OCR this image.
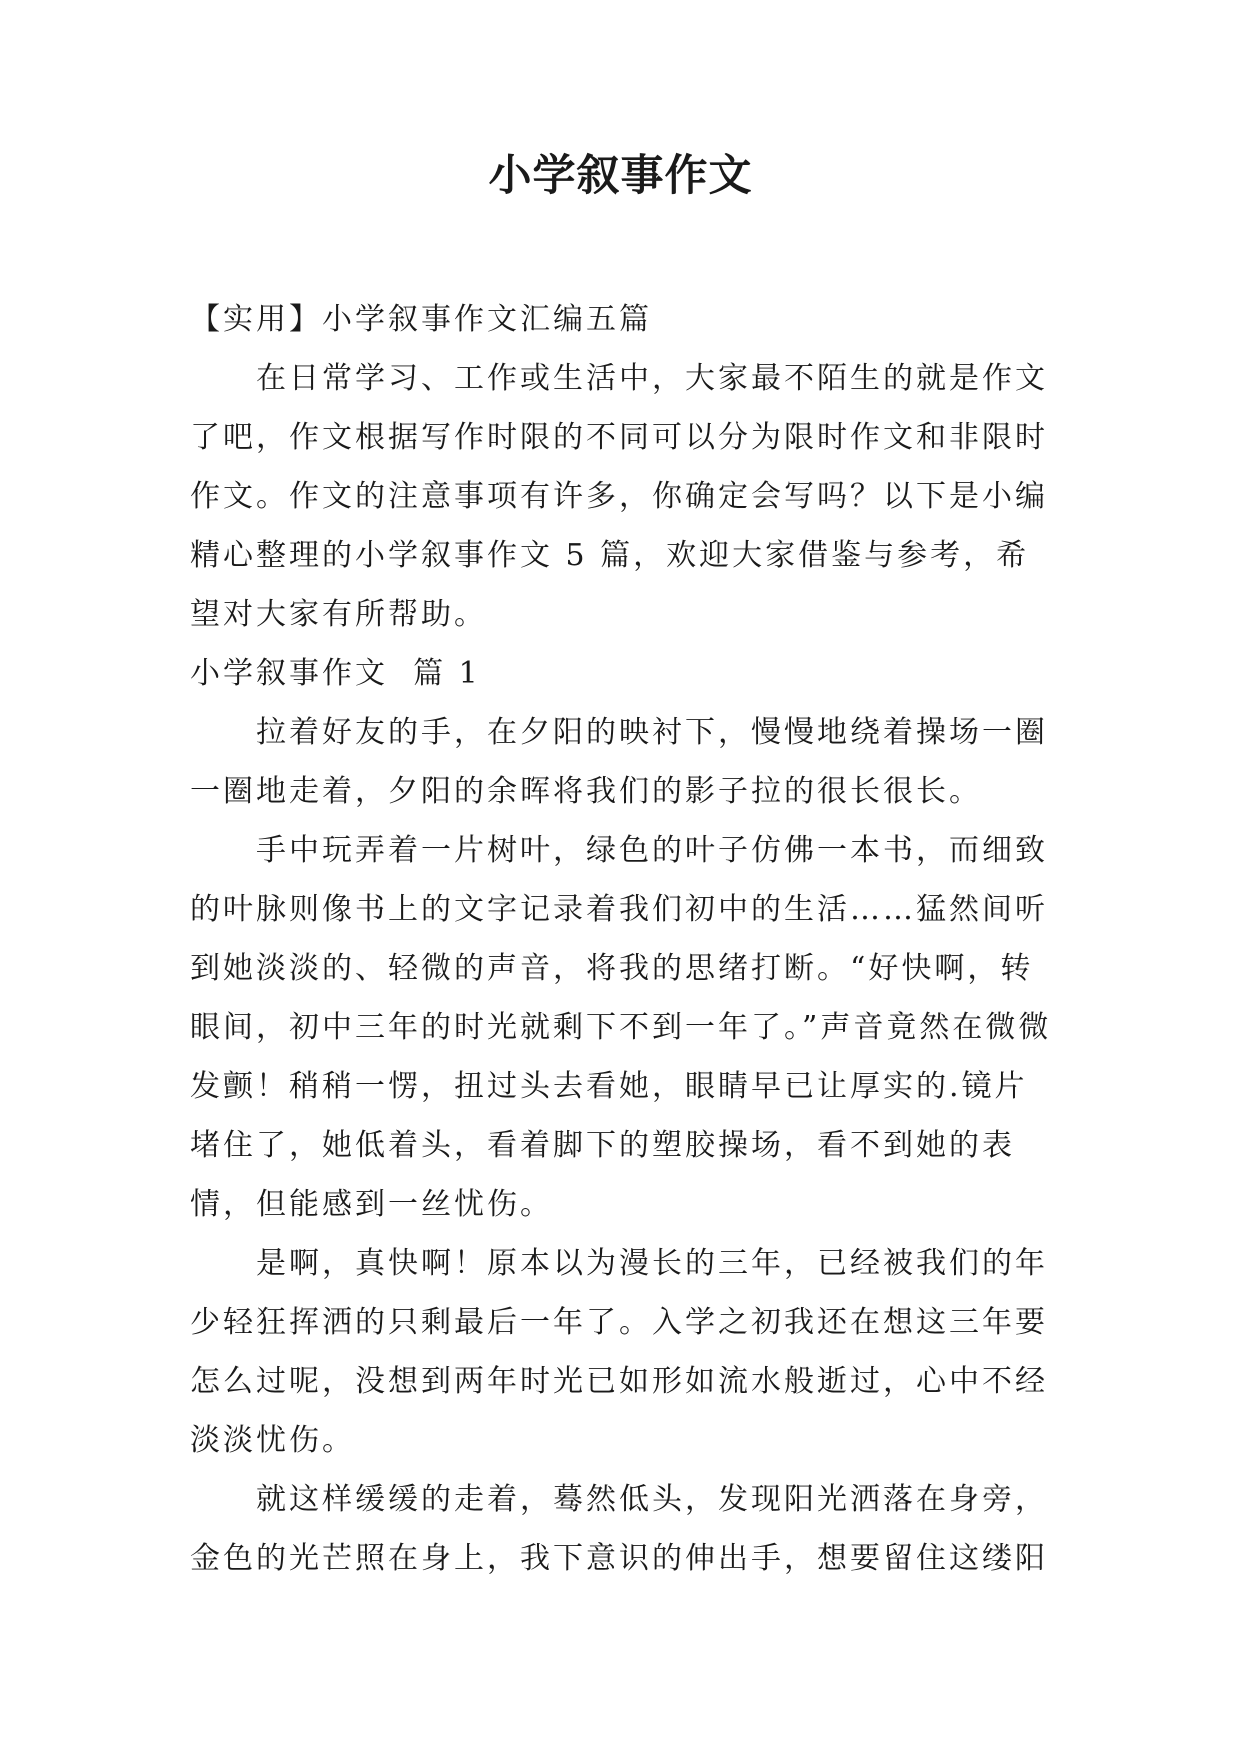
小学叙事作文

【实用】小学叙事作文汇编五篇

在日常学习、工作或生活中，大家最不陌生的就是作文了吧，作文根据写作时限的不同可以分为限时作文和非限时作文。作文的注意事项有许多，你确定会写吗？以下是小编精心整理的小学叙事作文 5 篇，欢迎大家借鉴与参考，希望对大家有所帮助。

小学叙事作文  篇 1

拉着好友的手，在夕阳的映衬下，慢慢地绕着操场一圈一圈地走着，夕阳的余晖将我们的影子拉的很长很长。

手中玩弄着一片树叶，绿色的叶子仿佛一本书，而细致的叶脉则像书上的文字记录着我们初中的生活……猛然间听到她淡淡的、轻微的声音，将我的思绪打断。“好快啊，转眼间，初中三年的时光就剩下不到一年了。”声音竟然在微微发颤！稍稍一愣，扭过头去看她，眼睛早已让厚实的.镜片堵住了，她低着头，看着脚下的塑胶操场，看不到她的表情，但能感到一丝忧伤。

是啊，真快啊！原本以为漫长的三年，已经被我们的年少轻狂挥洒的只剩最后一年了。入学之初我还在想这三年要怎么过呢，没想到两年时光已如形如流水般逝过，心中不经淡淡忧伤。

就这样缓缓的走着，蓦然低头，发现阳光洒落在身旁，金色的光芒照在身上，我下意识的伸出手，想要留住这缕阳
